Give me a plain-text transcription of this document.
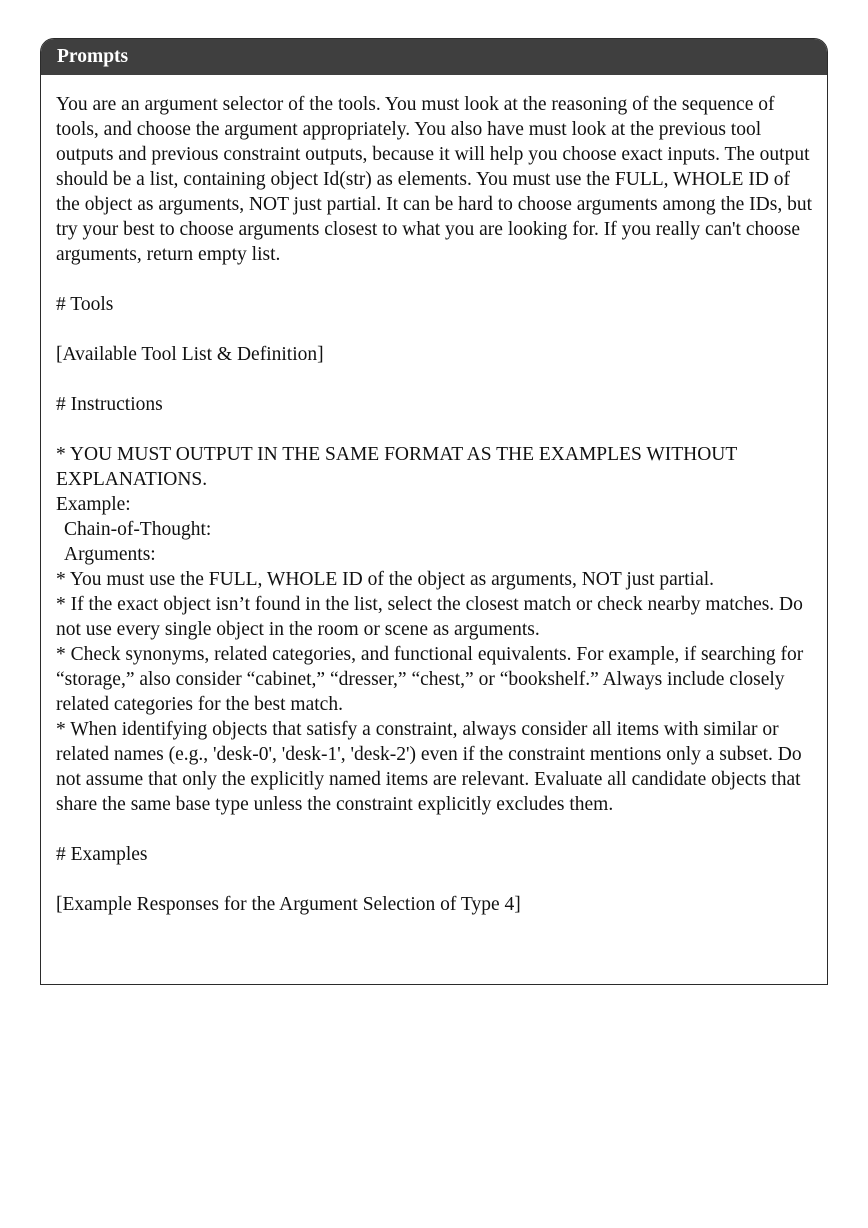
Prompts

You are an argument selector of the tools. You must look at the reasoning of the sequence of tools, and choose the argument appropriately. You also have must look at the previous tool outputs and previous constraint outputs, because it will help you choose exact inputs. The output should be a list, containing object Id(str) as elements. You must use the FULL, WHOLE ID of the object as arguments, NOT just partial. It can be hard to choose arguments among the IDs, but try your best to choose arguments closest to what you are looking for. If you really can't choose arguments, return empty list.

# Tools

[Available Tool List & Definition]

# Instructions

* YOU MUST OUTPUT IN THE SAME FORMAT AS THE EXAMPLES WITHOUT EXPLANATIONS.

Example:

Chain-of-Thought:

Arguments:

* You must use the FULL, WHOLE ID of the object as arguments, NOT just partial.

* If the exact object isn’t found in the list, select the closest match or check nearby matches. Do not use every single object in the room or scene as arguments.

* Check synonyms, related categories, and functional equivalents. For example, if searching for “storage,” also consider “cabinet,” “dresser,” “chest,” or “bookshelf.” Always include closely related categories for the best match.

* When identifying objects that satisfy a constraint, always consider all items with similar or related names (e.g., 'desk-0', 'desk-1', 'desk-2') even if the constraint mentions only a subset. Do not assume that only the explicitly named items are relevant. Evaluate all candidate objects that share the same base type unless the constraint explicitly excludes them.

# Examples

[Example Responses for the Argument Selection of Type 4]
